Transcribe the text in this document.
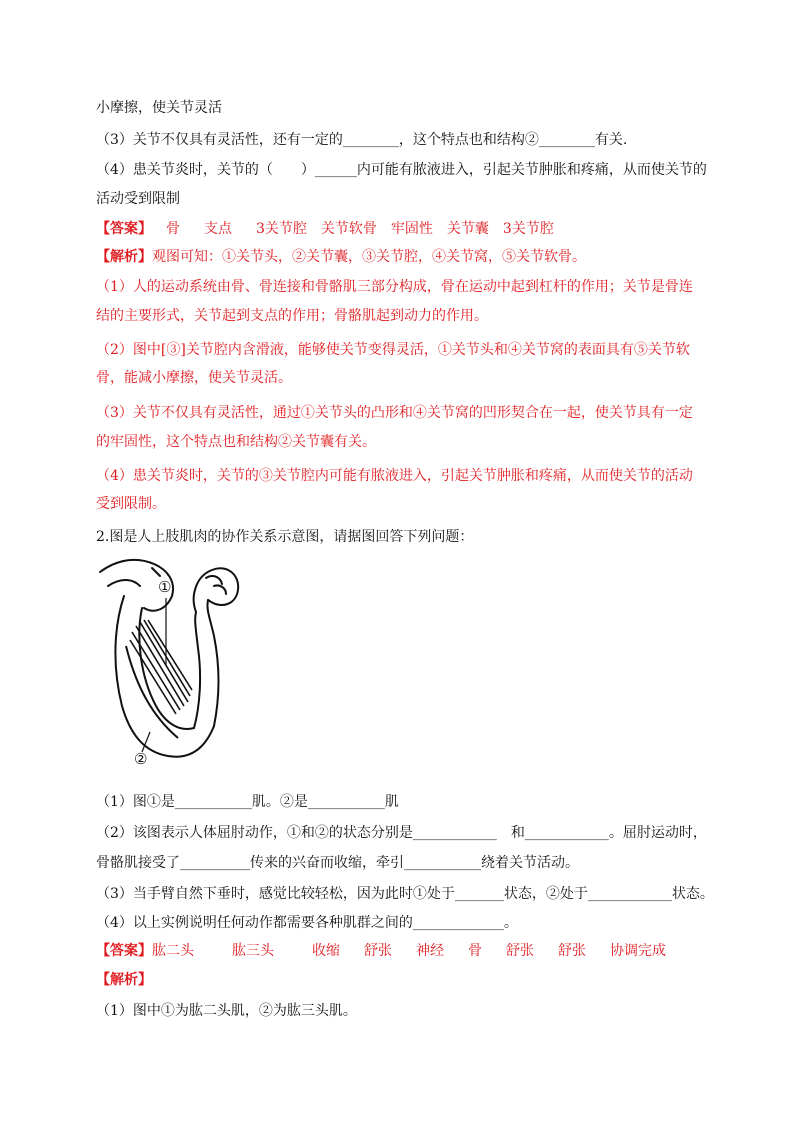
小摩擦，使关节灵活
（3）关节不仅具有灵活性，还有一定的________，这个特点也和结构②________有关.
（4）患关节炎时，关节的（　　）______内可能有脓液进入，引起关节肿胀和疼痛，从而使关节的
活动受到限制
【答案】 骨 支点 3关节腔 关节软骨 牢固性 关节囊 3关节腔
【解析】观图可知：①关节头，②关节囊，③关节腔，④关节窝，⑤关节软骨。
（1）人的运动系统由骨、骨连接和骨骼肌三部分构成，骨在运动中起到杠杆的作用；关节是骨连
结的主要形式，关节起到支点的作用；骨骼肌起到动力的作用。
（2）图中[③]关节腔内含滑液，能够使关节变得灵活，①关节头和④关节窝的表面具有⑤关节软
骨，能减小摩擦，使关节灵活。
（3）关节不仅具有灵活性，通过①关节头的凸形和④关节窝的凹形契合在一起，使关节具有一定
的牢固性，这个特点也和结构②关节囊有关。
（4）患关节炎时，关节的③关节腔内可能有脓液进入，引起关节肿胀和疼痛，从而使关节的活动
受到限制。
2.图是人上肢肌肉的协作关系示意图，请据图回答下列问题：
①
②
（1）图①是___________肌。②是___________肌
（2）该图表示人体屈肘动作，①和②的状态分别是____________ 和____________。屈肘运动时，
骨骼肌接受了__________传来的兴奋而收缩，牵引___________绕着关节活动。
（3）当手臂自然下垂时，感觉比较轻松，因为此时①处于_______状态，②处于____________状态。
（4）以上实例说明任何动作都需要各种肌群之间的_____________。
【答案】肱二头	肱三头	收缩 舒张 神经 骨 舒张 舒张 协调完成
【解析】
（1）图中①为肱二头肌，②为肱三头肌。
